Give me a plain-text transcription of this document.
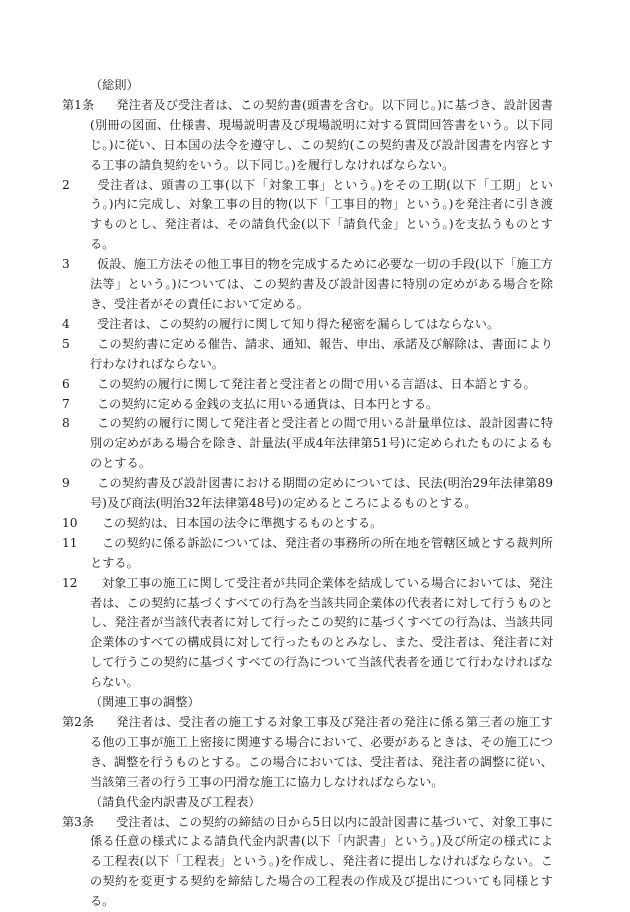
（総則）
第1条 発注者及び受注者は、この契約書(頭書を含む。以下同じ。)に基づき、設計図書(別冊の図面、仕様書、現場説明書及び現場説明に対する質問回答書をいう。以下同じ。)に従い、日本国の法令を遵守し、この契約(この契約書及び設計図書を内容とする工事の請負契約をいう。以下同じ。)を履行しなければならない。
2 受注者は、頭書の工事(以下「対象工事」という。)をその工期(以下「工期」という。)内に完成し、対象工事の目的物(以下「工事目的物」という。)を発注者に引き渡すものとし、発注者は、その請負代金(以下「請負代金」という。)を支払うものとする。
3 仮設、施工方法その他工事目的物を完成するために必要な一切の手段(以下「施工方法等」という。)については、この契約書及び設計図書に特別の定めがある場合を除き、受注者がその責任において定める。
4 受注者は、この契約の履行に関して知り得た秘密を漏らしてはならない。
5 この契約書に定める催告、請求、通知、報告、申出、承諾及び解除は、書面により行わなければならない。
6 この契約の履行に関して発注者と受注者との間で用いる言語は、日本語とする。
7 この契約に定める金銭の支払に用いる通貨は、日本円とする。
8 この契約の履行に関して発注者と受注者との間で用いる計量単位は、設計図書に特別の定めがある場合を除き、計量法(平成4年法律第51号)に定められたものによるものとする。
9 この契約書及び設計図書における期間の定めについては、民法(明治29年法律第89号)及び商法(明治32年法律第48号)の定めるところによるものとする。
10 この契約は、日本国の法令に準拠するものとする。
11 この契約に係る訴訟については、発注者の事務所の所在地を管轄区域とする裁判所とする。
12 対象工事の施工に関して受注者が共同企業体を結成している場合においては、発注者は、この契約に基づくすべての行為を当該共同企業体の代表者に対して行うものとし、発注者が当該代表者に対して行ったこの契約に基づくすべての行為は、当該共同企業体のすべての構成員に対して行ったものとみなし、また、受注者は、発注者に対して行うこの契約に基づくすべての行為について当該代表者を通じて行わなければならない。
（関連工事の調整）
第2条 発注者は、受注者の施工する対象工事及び発注者の発注に係る第三者の施工する他の工事が施工上密接に関連する場合において、必要があるときは、その施工につき、調整を行うものとする。この場合においては、受注者は、発注者の調整に従い、当該第三者の行う工事の円滑な施工に協力しなければならない。
（請負代金内訳書及び工程表）
第3条 受注者は、この契約の締結の日から5日以内に設計図書に基づいて、対象工事に係る任意の様式による請負代金内訳書(以下「内訳書」という。)及び所定の様式による工程表(以下「工程表」という。)を作成し、発注者に提出しなければならない。この契約を変更する契約を締結した場合の工程表の作成及び提出についても同様とする。
